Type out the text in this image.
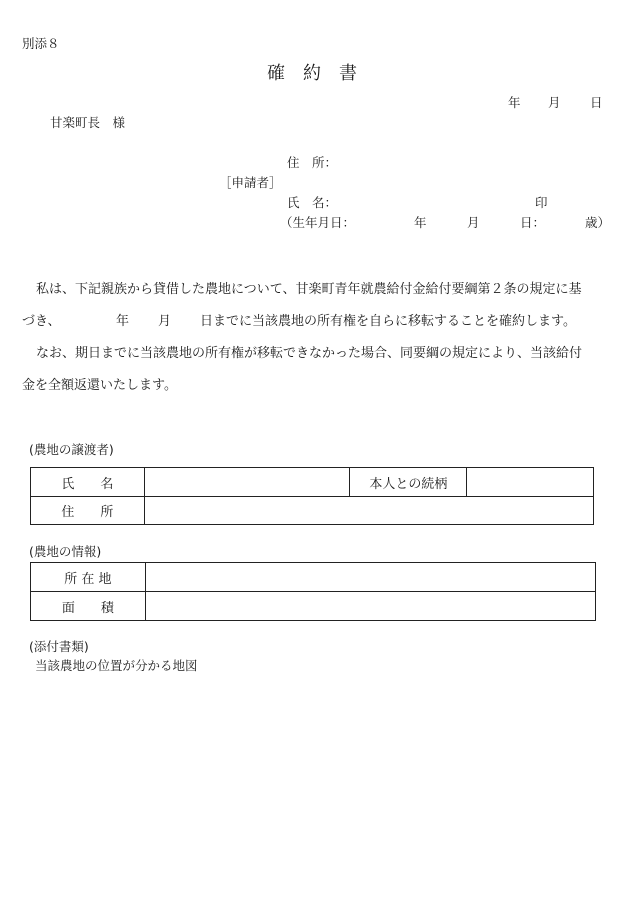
別添８
確　約　書
年 月 日
甘楽町長　様
住　所：
［申請者］
氏　名：	印
（生年月日：	年	月	日：	歳）
私は、下記親族から貸借した農地について、甘楽町青年就農給付金給付要綱第２条の規定に基
づき、	年 月 日までに当該農地の所有権を自らに移転することを確約します。
なお、期日までに当該農地の所有権が移転できなかった場合、同要綱の規定により、当該給付
金を全額返還いたします。
(農地の譲渡者)
氏　　名		本人との続柄	
住　　所			
(農地の情報)
所 在 地	
面　　積	
(添付書類)
当該農地の位置が分かる地図
